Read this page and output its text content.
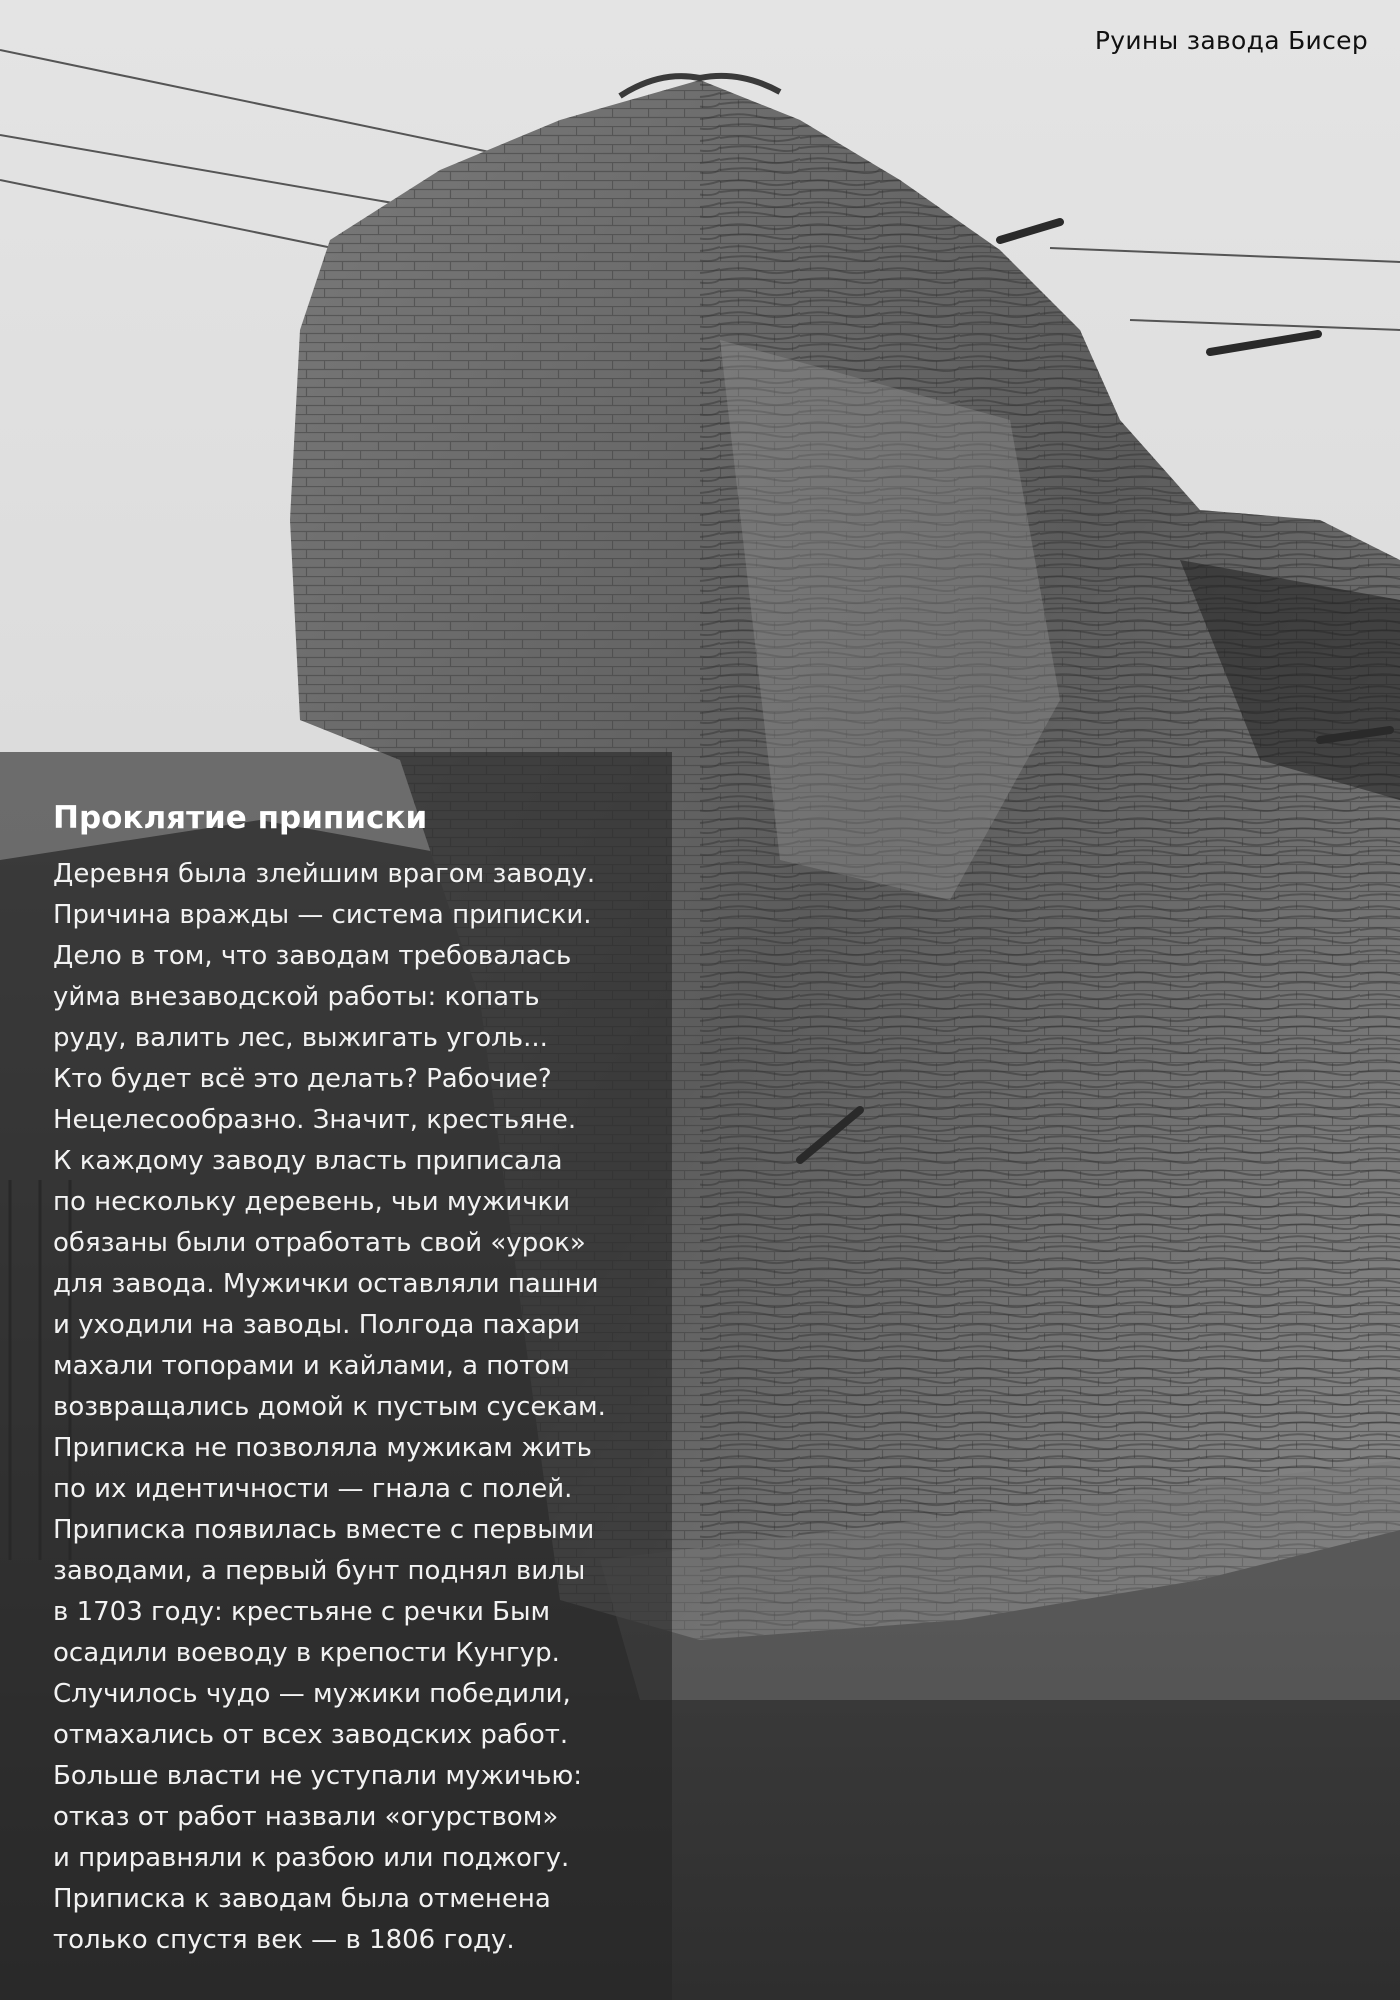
Руины завода Бисер
Проклятие приписки

Деревня была злейшим врагом заводу.
Причина вражды — система приписки.
Дело в том, что заводам требовалась
уйма внезаводской работы: копать
руду, валить лес, выжигать уголь...
Кто будет всё это делать? Рабочие?
Нецелесообразно. Значит, крестьяне.
К каждому заводу власть приписала
по нескольку деревень, чьи мужички
обязаны были отработать свой «урок»
для завода. Мужички оставляли пашни
и уходили на заводы. Полгода пахари
махали топорами и кайлами, а потом
возвращались домой к пустым сусекам.
Приписка не позволяла мужикам жить
по их идентичности — гнала с полей.
Приписка появилась вместе с первыми
заводами, а первый бунт поднял вилы
в 1703 году: крестьяне с речки Бым
осадили воеводу в крепости Кунгур.
Случилось чудо — мужики победили,
отмахались от всех заводских работ.
Больше власти не уступали мужичью:
отказ от работ назвали «огурством»
и приравняли к разбою или поджогу.
Приписка к заводам была отменена
только спустя век — в 1806 году.
